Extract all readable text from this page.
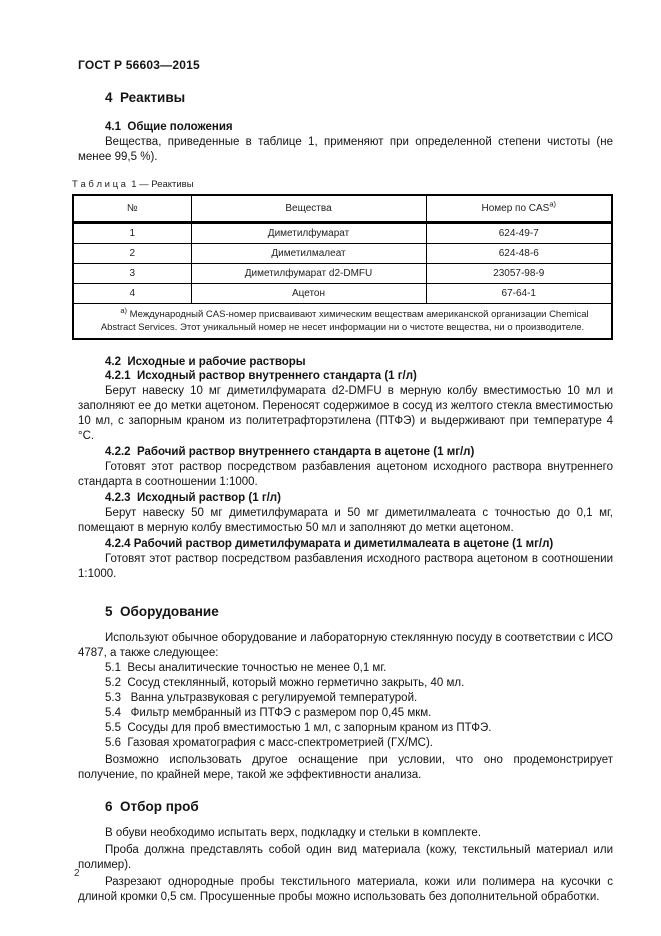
ГОСТ Р 56603—2015
4  Реактивы
4.1  Общие положения

Вещества, приведенные в таблице 1, применяют при определенной степени чистоты (не менее 99,5 %).

Т а б л и ц а  1 — Реактивы
№	Вещества	Номер по $CAS^{а)}$
1	Диметилфумарат	624-49-7
2	Диметилмалеат	624-48-6
3	Диметилфумарат d2-DMFU	23057-98-9
4	Ацетон	67-64-1
$^{а)}$ Международный CAS-номер присваивают химическим веществам американской организации Chemical Abstract Services. Этот уникальный номер не несет информации ни о чистоте вещества, ни о производителе.		
4.2  Исходные и рабочие растворы
4.2.1  Исходный раствор внутреннего стандарта (1 г/л)

Берут навеску 10 мг диметилфумарата d2-DMFU в мерную колбу вместимостью 10 мл и заполняют ее до метки ацетоном. Переносят содержимое в сосуд из желтого стекла вместимостью 10 мл, с запорным краном из политетрафторэтилена (ПТФЭ) и выдерживают при температуре 4 °С.

4.2.2  Рабочий раствор внутреннего стандарта в ацетоне (1 мг/л)

Готовят этот раствор посредством разбавления ацетоном исходного раствора внутреннего стандарта в соотношении 1:1000.

4.2.3  Исходный раствор (1 г/л)

Берут навеску 50 мг диметилфумарата и 50 мг диметилмалеата с точностью до 0,1 мг, помещают в мерную колбу вместимостью 50 мл и заполняют до метки ацетоном.

4.2.4 Рабочий раствор диметилфумарата и диметилмалеата в ацетоне (1 мг/л)

Готовят этот раствор посредством разбавления исходного раствора ацетоном в соотношении 1:1000.

5  Оборудование

Используют обычное оборудование и лабораторную стеклянную посуду в соответствии с ИСО 4787, а также следующее:

5.1  Весы аналитические точностью не менее 0,1 мг.
5.2  Сосуд стеклянный, который можно герметично закрыть, 40 мл.
5.3   Ванна ультразвуковая с регулируемой температурой.
5.4   Фильтр мембранный из ПТФЭ с размером пор 0,45 мкм.
5.5  Сосуды для проб вместимостью 1 мл, с запорным краном из ПТФЭ.
5.6  Газовая хроматография с масс-спектрометрией (ГХ/МС).

Возможно использовать другое оснащение при условии, что оно продемонстрирует получение, по крайней мере, такой же эффективности анализа.

6  Отбор проб

В обуви необходимо испытать верх, подкладку и стельки в комплекте.

Проба должна представлять собой один вид материала (кожу, текстильный материал или полимер).

Разрезают однородные пробы текстильного материала, кожи или полимера на кусочки с длиной кромки 0,5 см. Просушенные пробы можно использовать без дополнительной обработки.

2
